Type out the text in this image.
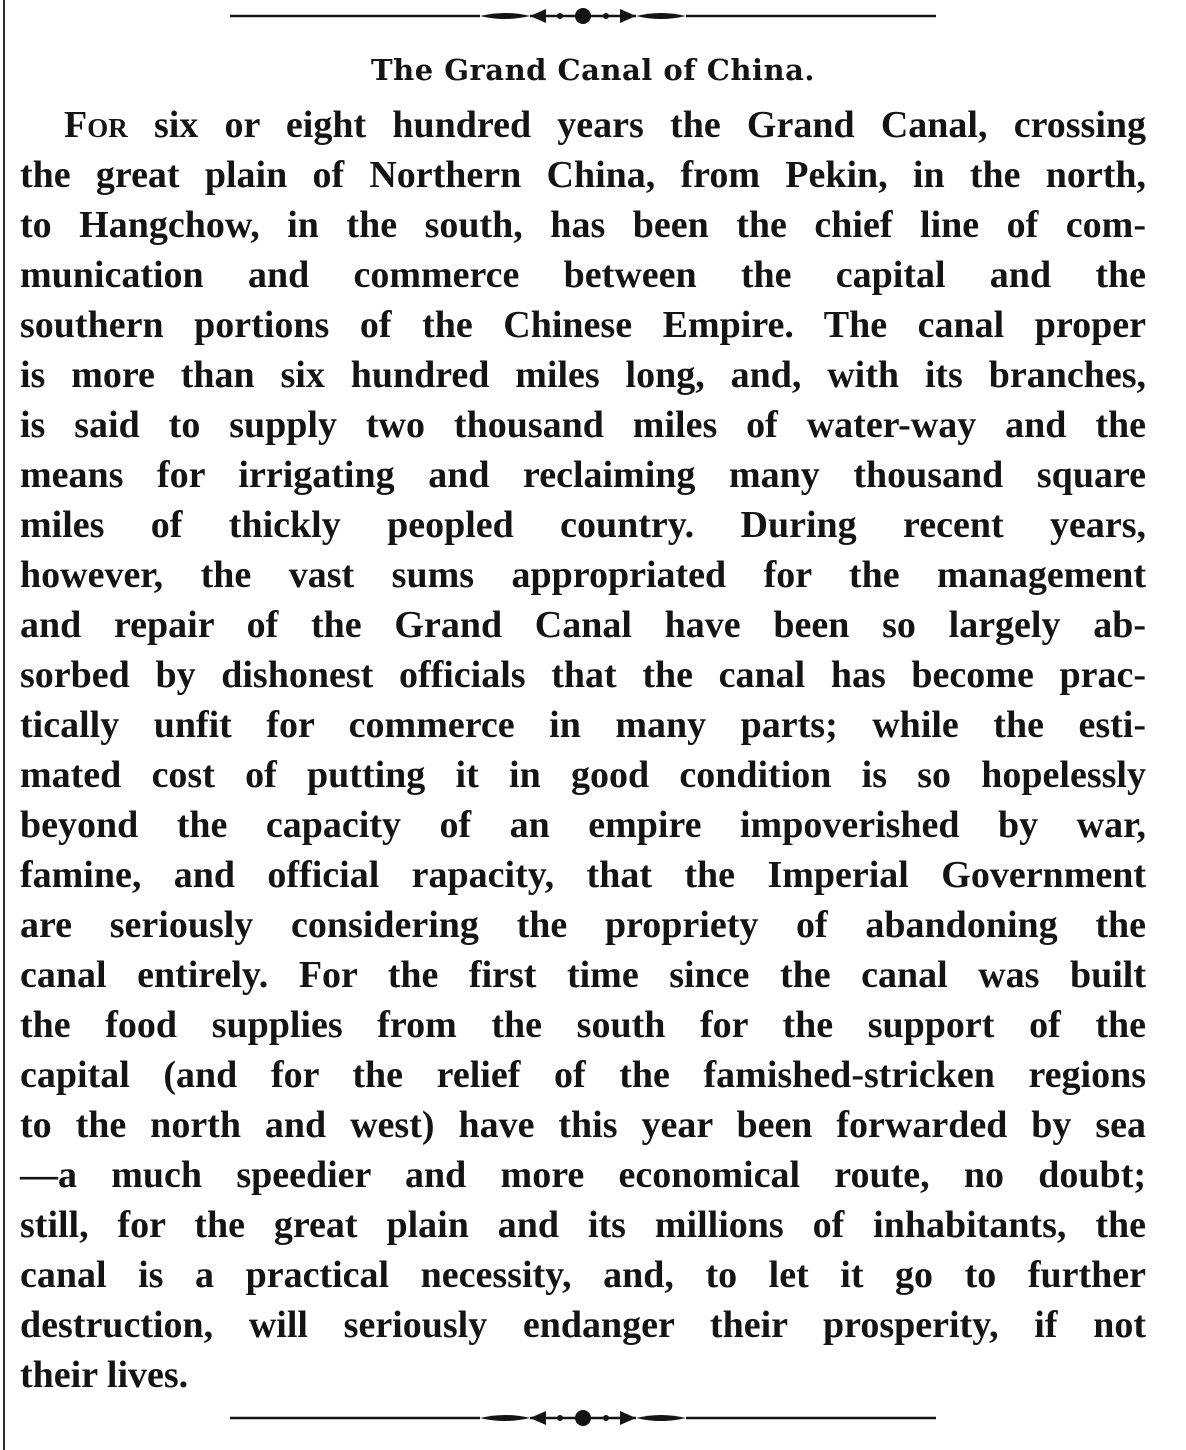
The Grand Canal of China.
For six or eight hundred years the Grand Canal, crossing
the great plain of Northern China, from Pekin, in the north,
to Hangchow, in the south, has been the chief line of com-
munication and commerce between the capital and the
southern portions of the Chinese Empire. The canal proper
is more than six hundred miles long, and, with its branches,
is said to supply two thousand miles of water-way and the
means for irrigating and reclaiming many thousand square
miles of thickly peopled country. During recent years,
however, the vast sums appropriated for the management
and repair of the Grand Canal have been so largely ab-
sorbed by dishonest officials that the canal has become prac-
tically unfit for commerce in many parts; while the esti-
mated cost of putting it in good condition is so hopelessly
beyond the capacity of an empire impoverished by war,
famine, and official rapacity, that the Imperial Government
are seriously considering the propriety of abandoning the
canal entirely. For the first time since the canal was built
the food supplies from the south for the support of the
capital (and for the relief of the famished-stricken regions
to the north and west) have this year been forwarded by sea
—a much speedier and more economical route, no doubt;
still, for the great plain and its millions of inhabitants, the
canal is a practical necessity, and, to let it go to further
destruction, will seriously endanger their prosperity, if not
their lives.
